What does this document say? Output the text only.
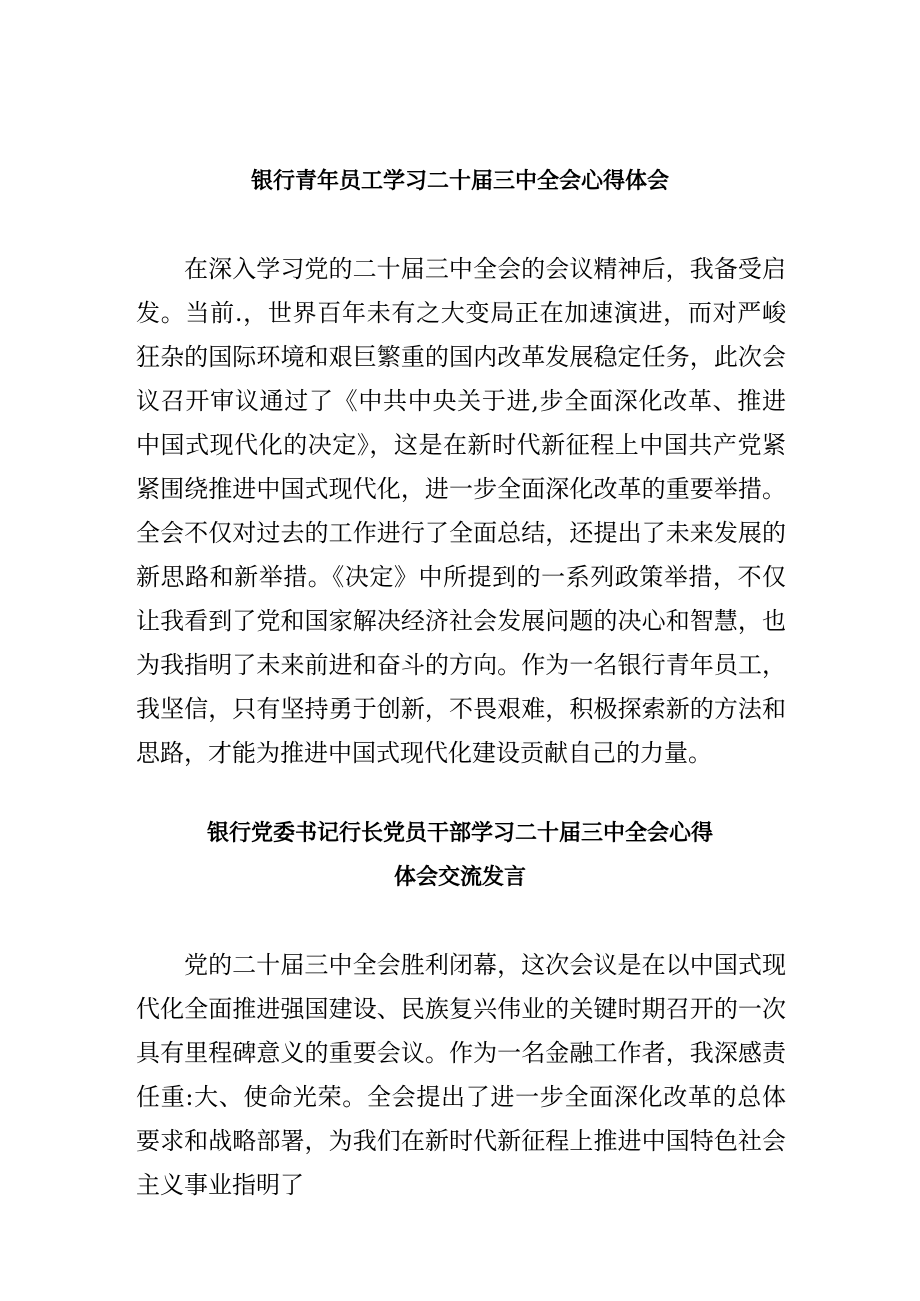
银行青年员工学习二十届三中全会心得体会

在深入学习党的二十届三中全会的会议精神后，我备受启发。当前.，世界百年未有之大变局正在加速演进，而对严峻狂杂的国际环境和艰巨繁重的国内改革发展稳定任务，此次会议召开审议通过了《中共中央关于进,步全面深化改革、推进中国式现代化的决定》，这是在新时代新征程上中国共产党紧紧围绕推进中国式现代化，进一步全面深化改革的重要举措。全会不仅对过去的工作进行了全面总结，还提出了未来发展的新思路和新举措。《决定》中所提到的一系列政策举措，不仅让我看到了党和国家解决经济社会发展问题的决心和智慧，也为我指明了未来前进和奋斗的方向。作为一名银行青年员工，我坚信，只有坚持勇于创新，不畏艰难，积极探索新的方法和思路，才能为推进中国式现代化建设贡献自己的力量。

银行党委书记行长党员干部学习二十届三中全会心得
体会交流发言

党的二十届三中全会胜利闭幕，这次会议是在以中国式现代化全面推进强国建设、民族复兴伟业的关键时期召开的一次具有里程碑意义的重要会议。作为一名金融工作者，我深感责任重:大、使命光荣。全会提出了进一步全面深化改革的总体要求和战略部署，为我们在新时代新征程上推进中国特色社会主义事业指明了
